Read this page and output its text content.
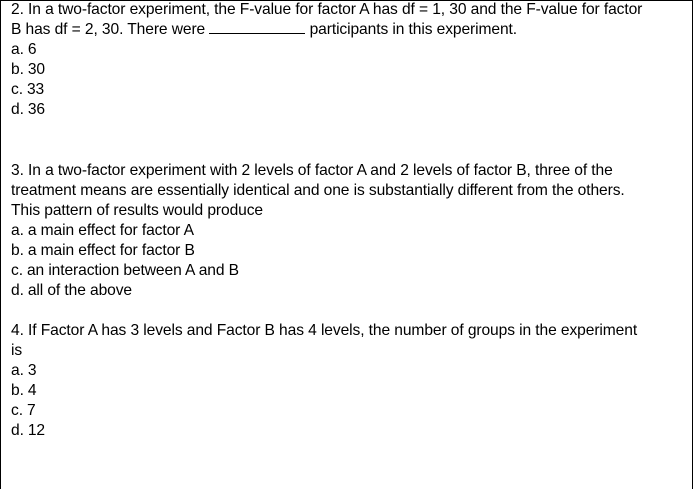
2. In a two-factor experiment, the F-value for factor A has df = 1, 30 and the F-value for factor B has df = 2, 30. There were	participants in this experiment.
a. 6
b. 30
c. 33
d. 36
3. In a two-factor experiment with 2 levels of factor A and 2 levels of factor B, three of the treatment means are essentially identical and one is substantially different from the others. This pattern of results would produce
a. a main effect for factor A
b. a main effect for factor B
c. an interaction between A and B
d. all of the above
4. If Factor A has 3 levels and Factor B has 4 levels, the number of groups in the experiment is
a. 3
b. 4
c. 7
d. 12
